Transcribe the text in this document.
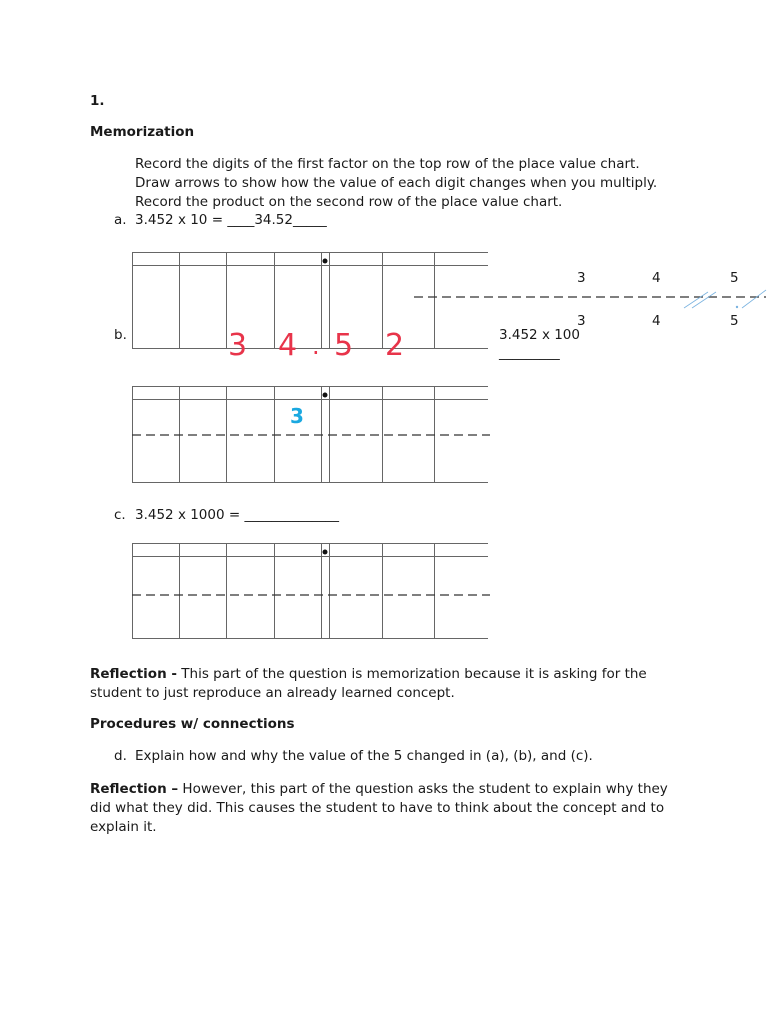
1.
Memorization
Record the digits of the first factor on the top row of the place value chart.
Draw arrows to show how the value of each digit changes when you multiply.
Record the product on the second row of the place value chart.
a. 3.452 x 10 = ____34.52_____
3 4 . 5 2
3	4	5
3	4	5
b.	3.452 x 100
_________
3
c. 3.452 x 1000 = ______________
Reflection - This part of the question is memorization because it is asking for the student to just reproduce an already learned concept.
Procedures w/ connections
d. Explain how and why the value of the 5 changed in (a), (b), and (c).
Reflection – However, this part of the question asks the student to explain why they did what they did. This causes the student to have to think about the concept and to explain it.
